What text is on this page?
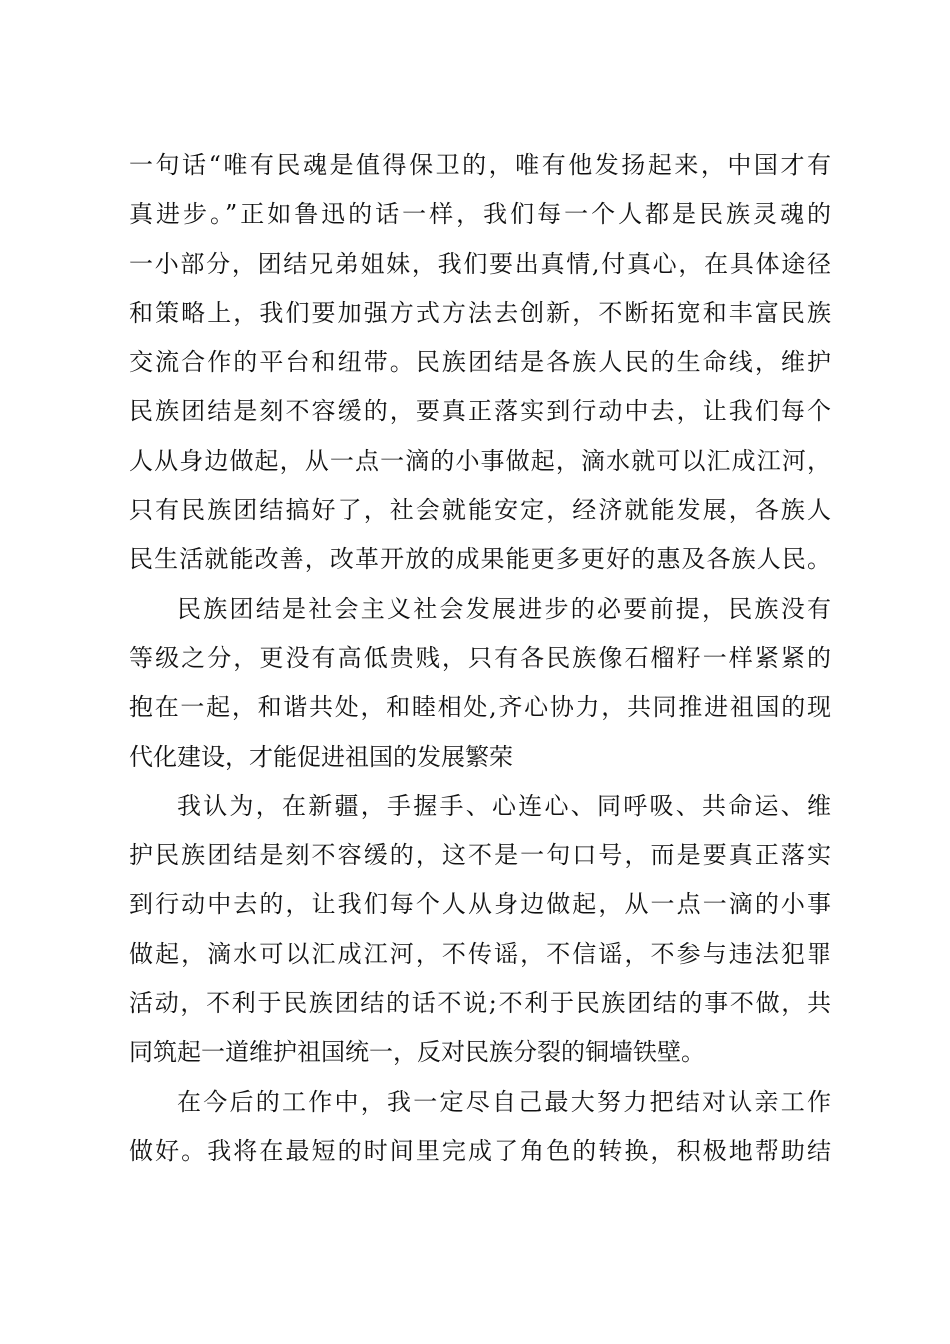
一句话“唯有民魂是值得保卫的，唯有他发扬起来，中国才有
真进步。”正如鲁迅的话一样，我们每一个人都是民族灵魂的
一小部分，团结兄弟姐妹，我们要出真情,付真心，在具体途径
和策略上，我们要加强方式方法去创新，不断拓宽和丰富民族
交流合作的平台和纽带。民族团结是各族人民的生命线，维护
民族团结是刻不容缓的，要真正落实到行动中去，让我们每个
人从身边做起，从一点一滴的小事做起，滴水就可以汇成江河，
只有民族团结搞好了，社会就能安定，经济就能发展，各族人
民生活就能改善，改革开放的成果能更多更好的惠及各族人民。
民族团结是社会主义社会发展进步的必要前提，民族没有
等级之分，更没有高低贵贱，只有各民族像石榴籽一样紧紧的
抱在一起，和谐共处，和睦相处,齐心协力，共同推进祖国的现
代化建设，才能促进祖国的发展繁荣
我认为，在新疆，手握手、心连心、同呼吸、共命运、维
护民族团结是刻不容缓的，这不是一句口号，而是要真正落实
到行动中去的，让我们每个人从身边做起，从一点一滴的小事
做起，滴水可以汇成江河，不传谣，不信谣，不参与违法犯罪
活动，不利于民族团结的话不说;不利于民族团结的事不做，共
同筑起一道维护祖国统一，反对民族分裂的铜墙铁壁。
在今后的工作中，我一定尽自己最大努力把结对认亲工作
做好。我将在最短的时间里完成了角色的转换，积极地帮助结
